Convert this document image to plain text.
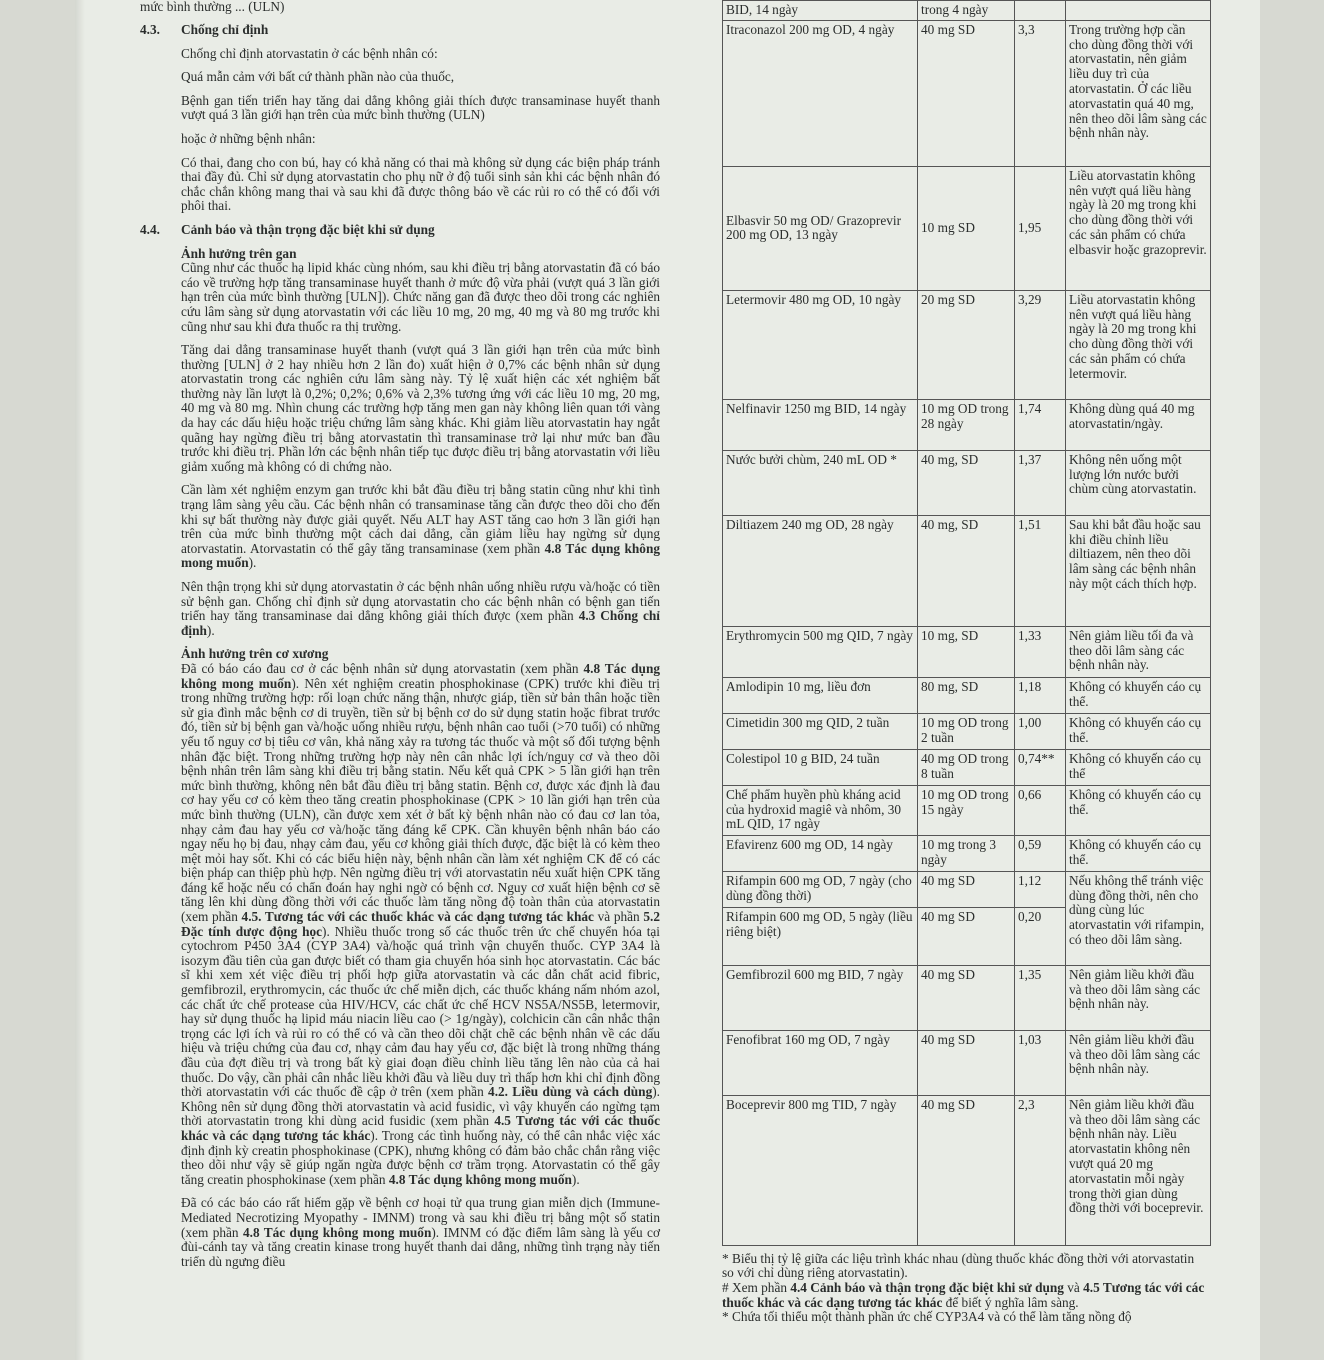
mức bình thường ... (ULN)

4.3. Chống chỉ định

Chống chỉ định atorvastatin ở các bệnh nhân có:

Quá mẫn cảm với bất cứ thành phần nào của thuốc,

Bệnh gan tiến triển hay tăng dai dẳng không giải thích được transaminase huyết thanh vượt quá 3 lần giới hạn trên của mức bình thường (ULN)

hoặc ở những bệnh nhân:

Có thai, đang cho con bú, hay có khả năng có thai mà không sử dụng các biện pháp tránh thai đầy đủ. Chỉ sử dụng atorvastatin cho phụ nữ ở độ tuổi sinh sản khi các bệnh nhân đó chắc chắn không mang thai và sau khi đã được thông báo về các rủi ro có thể có đối với phôi thai.

4.4. Cảnh báo và thận trọng đặc biệt khi sử dụng
Ảnh hưởng trên gan

Cũng như các thuốc hạ lipid khác cùng nhóm, sau khi điều trị bằng atorvastatin đã có báo cáo về trường hợp tăng transaminase huyết thanh ở mức độ vừa phải (vượt quá 3 lần giới hạn trên của mức bình thường [ULN]). Chức năng gan đã được theo dõi trong các nghiên cứu lâm sàng sử dụng atorvastatin với các liều 10 mg, 20 mg, 40 mg và 80 mg trước khi cũng như sau khi đưa thuốc ra thị trường.

Tăng dai dẳng transaminase huyết thanh (vượt quá 3 lần giới hạn trên của mức bình thường [ULN] ở 2 hay nhiều hơn 2 lần đo) xuất hiện ở 0,7% các bệnh nhân sử dụng atorvastatin trong các nghiên cứu lâm sàng này. Tỷ lệ xuất hiện các xét nghiệm bất thường này lần lượt là 0,2%; 0,2%; 0,6% và 2,3% tương ứng với các liều 10 mg, 20 mg, 40 mg và 80 mg. Nhìn chung các trường hợp tăng men gan này không liên quan tới vàng da hay các dấu hiệu hoặc triệu chứng lâm sàng khác. Khi giảm liều atorvastatin hay ngắt quãng hay ngừng điều trị bằng atorvastatin thì transaminase trở lại như mức ban đầu trước khi điều trị. Phần lớn các bệnh nhân tiếp tục được điều trị bằng atorvastatin với liều giảm xuống mà không có di chứng nào.

Cần làm xét nghiệm enzym gan trước khi bắt đầu điều trị bằng statin cũng như khi tình trạng lâm sàng yêu cầu. Các bệnh nhân có transaminase tăng cần được theo dõi cho đến khi sự bất thường này được giải quyết. Nếu ALT hay AST tăng cao hơn 3 lần giới hạn trên của mức bình thường một cách dai dẳng, cần giảm liều hay ngừng sử dụng atorvastatin. Atorvastatin có thể gây tăng transaminase (xem phần 4.8 Tác dụng không mong muốn).

Nên thận trọng khi sử dụng atorvastatin ở các bệnh nhân uống nhiều rượu và/hoặc có tiền sử bệnh gan. Chống chỉ định sử dụng atorvastatin cho các bệnh nhân có bệnh gan tiến triển hay tăng transaminase dai dẳng không giải thích được (xem phần 4.3 Chống chỉ định).

Ảnh hưởng trên cơ xương

Đã có báo cáo đau cơ ở các bệnh nhân sử dụng atorvastatin (xem phần 4.8 Tác dụng không mong muốn). Nên xét nghiệm creatin phosphokinase (CPK) trước khi điều trị trong những trường hợp: rối loạn chức năng thận, nhược giáp, tiền sử bản thân hoặc tiền sử gia đình mắc bệnh cơ di truyền, tiền sử bị bệnh cơ do sử dụng statin hoặc fibrat trước đó, tiền sử bị bệnh gan và/hoặc uống nhiều rượu, bệnh nhân cao tuổi (>70 tuổi) có những yếu tố nguy cơ bị tiêu cơ vân, khả năng xảy ra tương tác thuốc và một số đối tượng bệnh nhân đặc biệt. Trong những trường hợp này nên cân nhắc lợi ích/nguy cơ và theo dõi bệnh nhân trên lâm sàng khi điều trị bằng statin. Nếu kết quả CPK > 5 lần giới hạn trên mức bình thường, không nên bắt đầu điều trị bằng statin. Bệnh cơ, được xác định là đau cơ hay yếu cơ có kèm theo tăng creatin phosphokinase (CPK > 10 lần giới hạn trên của mức bình thường (ULN), cần được xem xét ở bất kỳ bệnh nhân nào có đau cơ lan tỏa, nhạy cảm đau hay yếu cơ và/hoặc tăng đáng kể CPK. Cần khuyên bệnh nhân báo cáo ngay nếu họ bị đau, nhạy cảm đau, yếu cơ không giải thích được, đặc biệt là có kèm theo mệt mỏi hay sốt. Khi có các biểu hiện này, bệnh nhân cần làm xét nghiệm CK để có các biện pháp can thiệp phù hợp. Nên ngừng điều trị với atorvastatin nếu xuất hiện CPK tăng đáng kể hoặc nếu có chẩn đoán hay nghi ngờ có bệnh cơ. Nguy cơ xuất hiện bệnh cơ sẽ tăng lên khi dùng đồng thời với các thuốc làm tăng nồng độ toàn thân của atorvastatin (xem phần 4.5. Tương tác với các thuốc khác và các dạng tương tác khác và phần 5.2 Đặc tính dược động học). Nhiều thuốc trong số các thuốc trên ức chế chuyển hóa tại cytochrom P450 3A4 (CYP 3A4) và/hoặc quá trình vận chuyển thuốc. CYP 3A4 là isozym đầu tiên của gan được biết có tham gia chuyển hóa sinh học atorvastatin. Các bác sĩ khi xem xét việc điều trị phối hợp giữa atorvastatin và các dẫn chất acid fibric, gemfibrozil, erythromycin, các thuốc ức chế miễn dịch, các thuốc kháng nấm nhóm azol, các chất ức chế protease của HIV/HCV, các chất ức chế HCV NS5A/NS5B, letermovir, hay sử dụng thuốc hạ lipid máu niacin liều cao (> 1g/ngày), colchicin cần cân nhắc thận trọng các lợi ích và rủi ro có thể có và cần theo dõi chặt chẽ các bệnh nhân về các dấu hiệu và triệu chứng của đau cơ, nhạy cảm đau hay yếu cơ, đặc biệt là trong những tháng đầu của đợt điều trị và trong bất kỳ giai đoạn điều chỉnh liều tăng lên nào của cả hai thuốc. Do vậy, cần phải cân nhắc liều khởi đầu và liều duy trì thấp hơn khi chỉ định đồng thời atorvastatin với các thuốc đề cập ở trên (xem phần 4.2. Liều dùng và cách dùng). Không nên sử dụng đồng thời atorvastatin và acid fusidic, vì vậy khuyến cáo ngừng tạm thời atorvastatin trong khi dùng acid fusidic (xem phần 4.5 Tương tác với các thuốc khác và các dạng tương tác khác). Trong các tình huống này, có thể cân nhắc việc xác định định kỳ creatin phosphokinase (CPK), nhưng không có đảm bảo chắc chắn rằng việc theo dõi như vậy sẽ giúp ngăn ngừa được bệnh cơ trầm trọng. Atorvastatin có thể gây tăng creatin phosphokinase (xem phần 4.8 Tác dụng không mong muốn).

Đã có các báo cáo rất hiếm gặp về bệnh cơ hoại tử qua trung gian miễn dịch (Immune-Mediated Necrotizing Myopathy - IMNM) trong và sau khi điều trị bằng một số statin (xem phần 4.8 Tác dụng không mong muốn). IMNM có đặc điểm lâm sàng là yếu cơ đùi-cánh tay và tăng creatin kinase trong huyết thanh dai dẳng, những tình trạng này tiến triển dù ngưng điều

BID, 14 ngày	trong 4 ngày		
Itraconazol 200 mg OD, 4 ngày	40 mg SD	3,3	Trong trường hợp cần cho dùng đồng thời với atorvastatin, nên giảm liều duy trì của atorvastatin. Ở các liều atorvastatin quá 40 mg, nên theo dõi lâm sàng các bệnh nhân này.
Elbasvir 50 mg OD/ Grazoprevir 200 mg OD, 13 ngày	10 mg SD	1,95	Liều atorvastatin không nên vượt quá liều hàng ngày là 20 mg trong khi cho dùng đồng thời với các sản phẩm có chứa elbasvir hoặc grazoprevir.
Letermovir 480 mg OD, 10 ngày	20 mg SD	3,29	Liều atorvastatin không nên vượt quá liều hàng ngày là 20 mg trong khi cho dùng đồng thời với các sản phẩm có chứa letermovir.
Nelfinavir 1250 mg BID, 14 ngày	10 mg OD trong 28 ngày	1,74	Không dùng quá 40 mg atorvastatin/ngày.
Nước bưởi chùm, 240 mL OD *	40 mg, SD	1,37	Không nên uống một lượng lớn nước bưởi chùm cùng atorvastatin.
Diltiazem 240 mg OD, 28 ngày	40 mg, SD	1,51	Sau khi bắt đầu hoặc sau khi điều chỉnh liều diltiazem, nên theo dõi lâm sàng các bệnh nhân này một cách thích hợp.
Erythromycin 500 mg QID, 7 ngày	10 mg, SD	1,33	Nên giảm liều tối đa và theo dõi lâm sàng các bệnh nhân này.
Amlodipin 10 mg, liều đơn	80 mg, SD	1,18	Không có khuyến cáo cụ thể.
Cimetidin 300 mg QID, 2 tuần	10 mg OD trong 2 tuần	1,00	Không có khuyến cáo cụ thể.
Colestipol 10 g BID, 24 tuần	40 mg OD trong 8 tuần	0,74**	Không có khuyến cáo cụ thể
Chế phẩm huyền phù kháng acid của hydroxid magiê và nhôm, 30 mL QID, 17 ngày	10 mg OD trong 15 ngày	0,66	Không có khuyến cáo cụ thể.
Efavirenz 600 mg OD, 14 ngày	10 mg trong 3 ngày	0,59	Không có khuyến cáo cụ thể.
Rifampin 600 mg OD, 7 ngày (cho dùng đồng thời)	40 mg SD	1,12	Nếu không thể tránh việc dùng đồng thời, nên cho dùng cùng lúc atorvastatin với rifampin, có theo dõi lâm sàng.
Rifampin 600 mg OD, 5 ngày (liều riêng biệt)	40 mg SD	0,20	
Gemfibrozil 600 mg BID, 7 ngày	40 mg SD	1,35	Nên giảm liều khởi đầu và theo dõi lâm sàng các bệnh nhân này.
Fenofibrat 160 mg OD, 7 ngày	40 mg SD	1,03	Nên giảm liều khởi đầu và theo dõi lâm sàng các bệnh nhân này.
Boceprevir 800 mg TID, 7 ngày	40 mg SD	2,3	Nên giảm liều khởi đầu và theo dõi lâm sàng các bệnh nhân này. Liều atorvastatin không nên vượt quá 20 mg atorvastatin mỗi ngày trong thời gian dùng đồng thời với boceprevir.

* Biểu thị tỷ lệ giữa các liệu trình khác nhau (dùng thuốc khác đồng thời với atorvastatin so với chỉ dùng riêng atorvastatin).

# Xem phần 4.4 Cảnh báo và thận trọng đặc biệt khi sử dụng và 4.5 Tương tác với các thuốc khác và các dạng tương tác khác để biết ý nghĩa lâm sàng.

* Chứa tối thiểu một thành phần ức chế CYP3A4 và có thể làm tăng nồng độ
